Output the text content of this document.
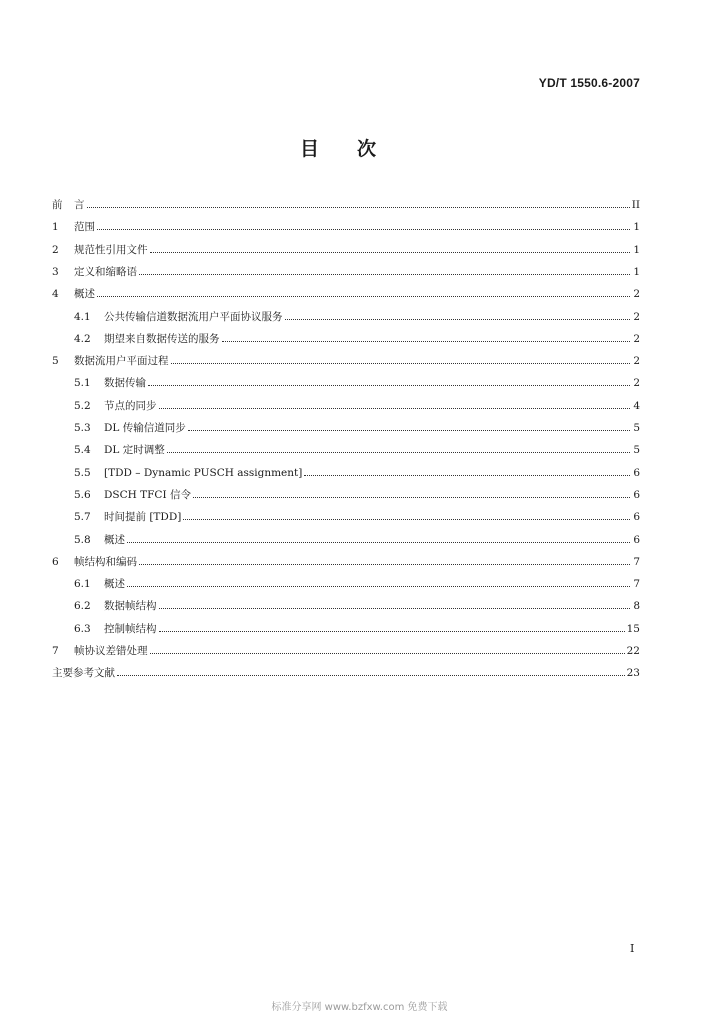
YD/T 1550.6-2007
目 次
前	言	II
1	范围	1
2	规范性引用文件	1
3	定义和缩略语	1
4	概述	2
4.1	公共传输信道数据流用户平面协议服务	2
4.2	期望来自数据传送的服务	2
5	数据流用户平面过程	2
5.1	数据传输	2
5.2	节点的同步	4
5.3	DL 传输信道同步	5
5.4	DL 定时调整	5
5.5	[TDD – Dynamic PUSCH assignment]	6
5.6	DSCH TFCI 信令	6
5.7	时间提前 [TDD]	6
5.8	概述	6
6	帧结构和编码	7
6.1	概述	7
6.2	数据帧结构	8
6.3	控制帧结构	15
7	帧协议差错处理	22
主要参考文献	23
I
标准分享网 www.bzfxw.com 免费下载
